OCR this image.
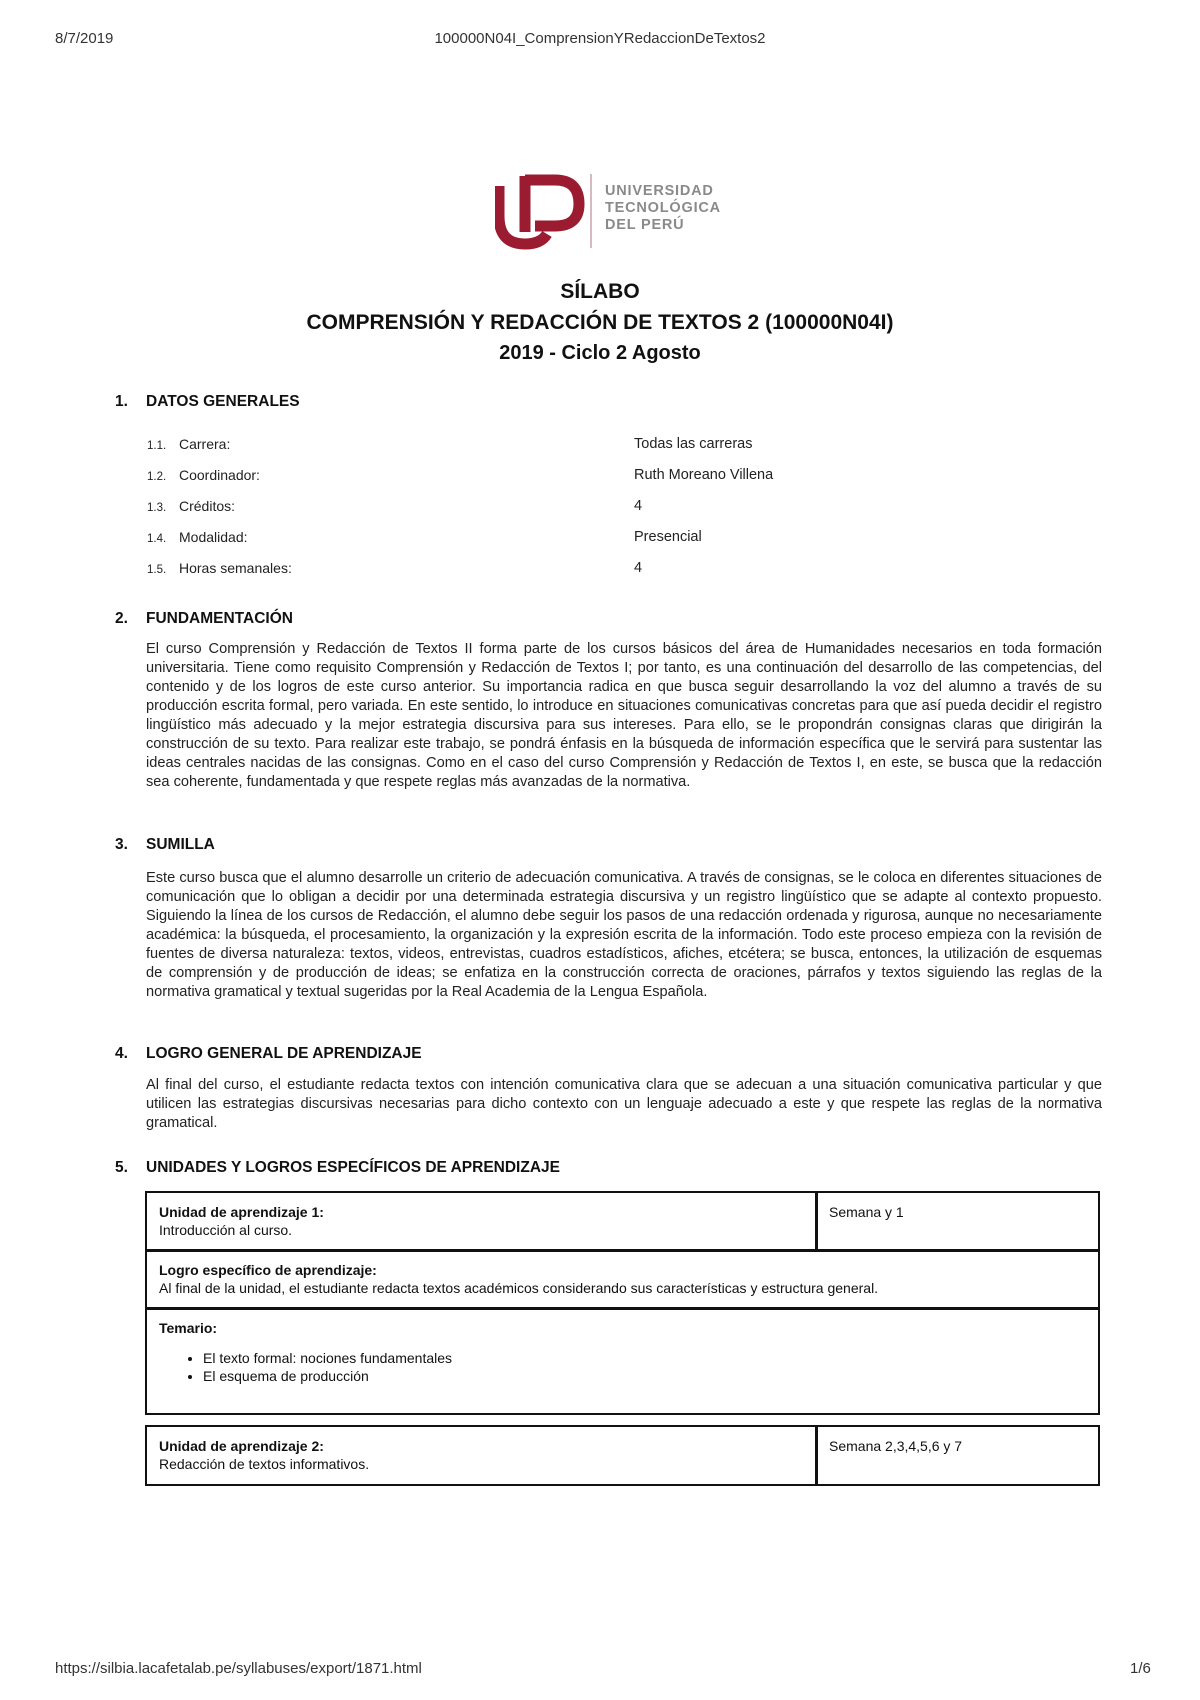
8/7/2019	100000N04I_ComprensionYRedaccionDeTextos2
UNIVERSIDAD
TECNOLÓGICA
DEL PERÚ
SÍLABO
COMPRENSIÓN Y REDACCIÓN DE TEXTOS 2 (100000N04I)
2019 - Ciclo 2 Agosto
1. DATOS GENERALES
1.1. Carrera:	Todas las carreras
1.2. Coordinador:	Ruth Moreano Villena
1.3. Créditos:	4
1.4. Modalidad:	Presencial
1.5. Horas semanales:	4
2. FUNDAMENTACIÓN
El curso Comprensión y Redacción de Textos II forma parte de los cursos básicos del área de Humanidades necesarios en toda formación universitaria. Tiene como requisito Comprensión y Redacción de Textos I; por tanto, es una continuación del desarrollo de las competencias, del contenido y de los logros de este curso anterior. Su importancia radica en que busca seguir desarrollando la voz del alumno a través de su producción escrita formal, pero variada. En este sentido, lo introduce en situaciones comunicativas concretas para que así pueda decidir el registro lingüístico más adecuado y la mejor estrategia discursiva para sus intereses. Para ello, se le propondrán consignas claras que dirigirán la construcción de su texto. Para realizar este trabajo, se pondrá énfasis en la búsqueda de información específica que le servirá para sustentar las ideas centrales nacidas de las consignas. Como en el caso del curso Comprensión y Redacción de Textos I, en este, se busca que la redacción sea coherente, fundamentada y que respete reglas más avanzadas de la normativa.
3. SUMILLA
Este curso busca que el alumno desarrolle un criterio de adecuación comunicativa. A través de consignas, se le coloca en diferentes situaciones de comunicación que lo obligan a decidir por una determinada estrategia discursiva y un registro lingüístico que se adapte al contexto propuesto. Siguiendo la línea de los cursos de Redacción, el alumno debe seguir los pasos de una redacción ordenada y rigurosa, aunque no necesariamente académica: la búsqueda, el procesamiento, la organización y la expresión escrita de la información. Todo este proceso empieza con la revisión de fuentes de diversa naturaleza: textos, videos, entrevistas, cuadros estadísticos, afiches, etcétera; se busca, entonces, la utilización de esquemas de comprensión y de producción de ideas; se enfatiza en la construcción correcta de oraciones, párrafos y textos siguiendo las reglas de la normativa gramatical y textual sugeridas por la Real Academia de la Lengua Española.
4. LOGRO GENERAL DE APRENDIZAJE
Al final del curso, el estudiante redacta textos con intención comunicativa clara que se adecuan a una situación comunicativa particular y que utilicen las estrategias discursivas necesarias para dicho contexto con un lenguaje adecuado a este y que respete las reglas de la normativa gramatical.
5. UNIDADES Y LOGROS ESPECÍFICOS DE APRENDIZAJE
Unidad de aprendizaje 1:
Introducción al curso.
Semana y 1
Logro específico de aprendizaje:
Al final de la unidad, el estudiante redacta textos académicos considerando sus características y estructura general.
Temario:
• El texto formal: nociones fundamentales
• El esquema de producción
Unidad de aprendizaje 2:
Redacción de textos informativos.
Semana 2,3,4,5,6 y 7
https://silbia.lacafetalab.pe/syllabuses/export/1871.html	1/6
